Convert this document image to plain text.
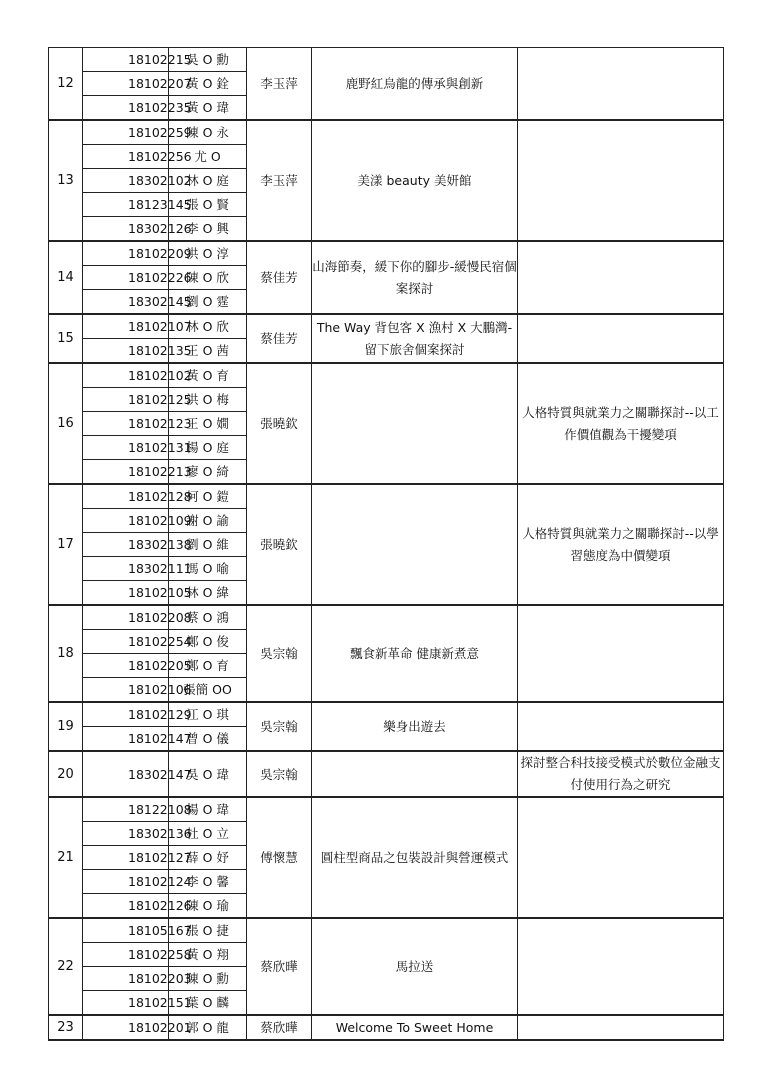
12	18102215	吳 O 勳	李玉萍	鹿野紅烏龍的傳承與創新	
	18102207	黃 O 銓			
	18102235	黃 O 瑋			
13	18102259	陳 O 永	李玉萍	美漾 beauty 美妍館	
	18102256	尤 O			
	18302102	林 O 庭			
	18123145	張 O 賢			
	18302126	李 O 興			
14	18102209	洪 O 淳	蔡佳芳	山海節奏，緩下你的腳步-緩慢民宿個案探討	
	18102226	陳 O 欣			
	18302145	劉 O 霆			
15	18102107	林 O 欣	蔡佳芳	The Way 背包客 X 漁村 X 大鵬灣-留下旅舍個案探討	
	18102135	王 O 茜			
16	18102102	黃 O 育	張曉欽		人格特質與就業力之關聯探討--以工作價值觀為干擾變項
	18102125	洪 O 梅			
	18102123	王 O 嫺			
	18102131	楊 O 庭			
	18102213	廖 O 綺			
17	18102128	柯 O 鎧	張曉欽		人格特質與就業力之關聯探討--以學習態度為中價變項
	18102109	謝 O 諭			
	18302138	劉 O 維			
	18302111	馮 O 喻			
	18102105	林 O 緯			
18	18102208	蔡 O 鴻	吳宗翰	飄食新革命 健康新煮意	
	18102254	鄭 O 俊			
	18102205	鄭 O 育			
	18102106	張簡 OO			
19	18102129	江 O 琪	吳宗翰	樂身出遊去	
	18102147	曾 O 儀			
20	18302147	吳 O 瑋	吳宗翰		探討整合科技接受模式於數位金融支付使用行為之研究
21	18122108	楊 O 瑋	傅懷慧	圓柱型商品之包裝設計與營運模式	
	18302136	杜 O 立			
	18102127	薛 O 妤			
	18102124	李 O 馨			
	18102126	陳 O 瑜			
22	18105167	張 O 捷	蔡欣曄	馬拉送	
	18102258	黃 O 翔			
	18102203	陳 O 勳			
	18102151	葉 O 麟			
23	18102201	郭 O 龍	蔡欣曄	Welcome To Sweet Home	
